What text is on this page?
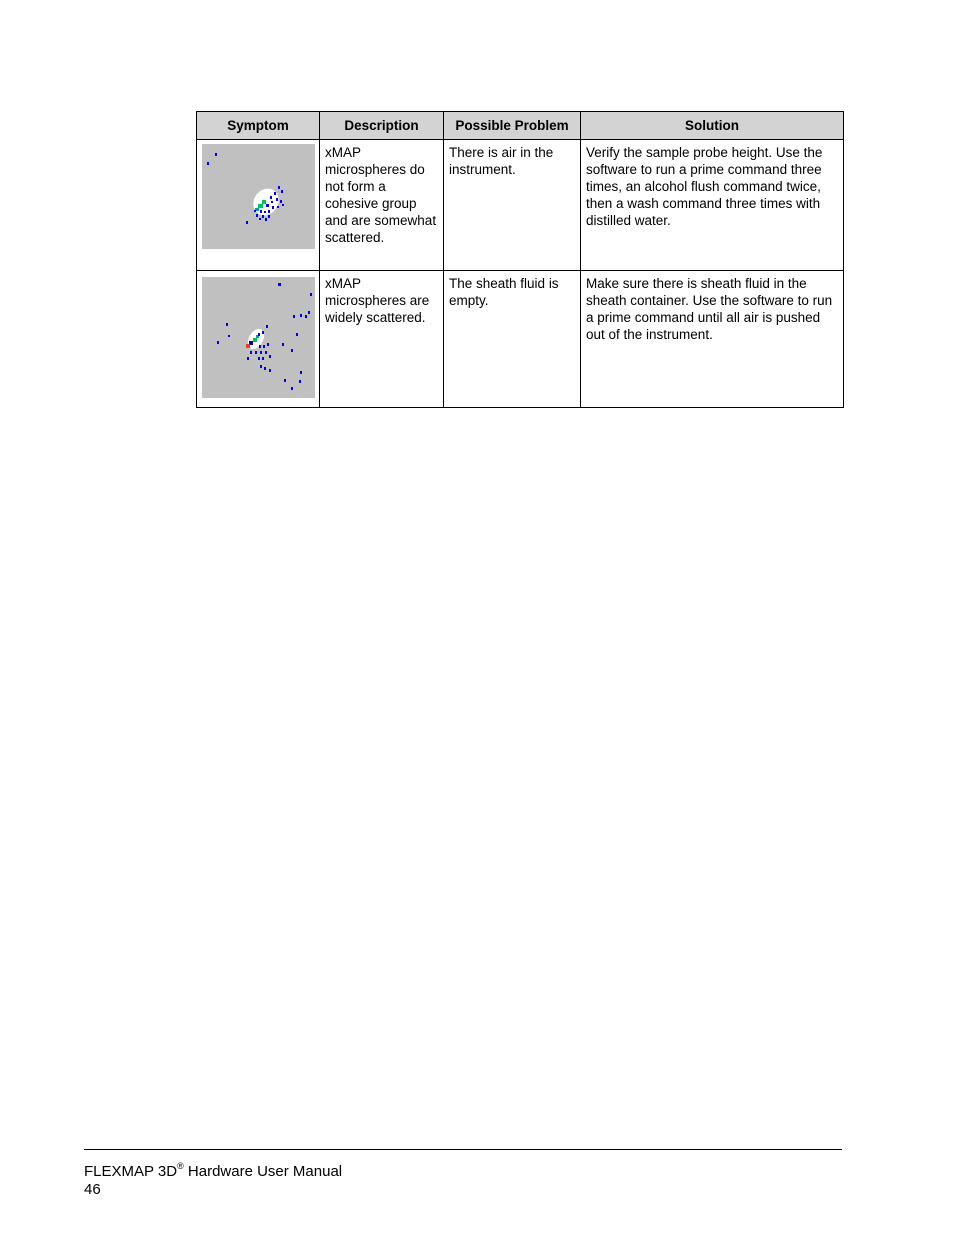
Symptom	Description	Possible Problem	Solution

	xMAP microspheres do not form a cohesive group and are somewhat scattered.	There is air in the instrument.	Verify the sample probe height. Use the software to run a prime command three times, an alcohol flush command twice, then a wash command three times with distilled water.

	xMAP microspheres are widely scattered.	The sheath fluid is empty.	Make sure there is sheath fluid in the sheath container. Use the software to run a prime command until all air is pushed out of the instrument.
FLEXMAP 3D® Hardware User Manual
46
